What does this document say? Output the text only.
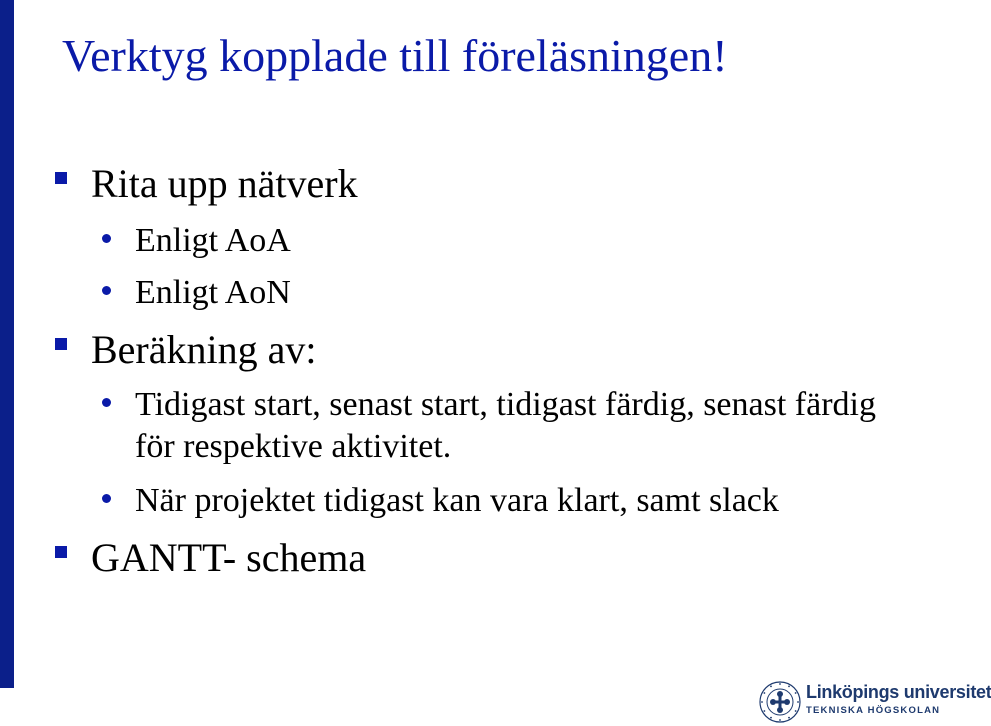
Verktyg kopplade till föreläsningen!
Rita upp nätverk
Enligt AoA
Enligt AoN
Beräkning av:
Tidigast start, senast start, tidigast färdig, senast färdig för respektive aktivitet.
När projektet tidigast kan vara klart, samt slack
GANTT- schema
Linköpings universitet
TEKNISKA HÖGSKOLAN
